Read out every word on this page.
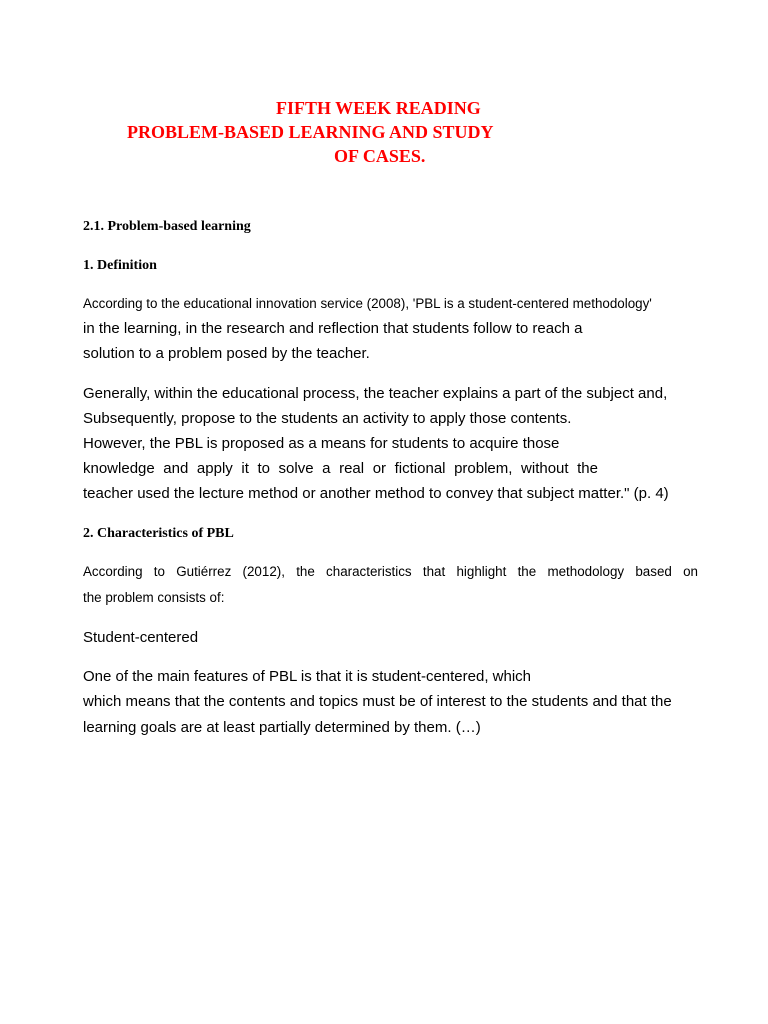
FIFTH WEEK READING
PROBLEM-BASED LEARNING AND STUDY
OF CASES.
2.1. Problem-based learning
1. Definition
According to the educational innovation service (2008), 'PBL is a student-centered methodology'
in the learning, in the research and reflection that students follow to reach a
solution to a problem posed by the teacher.
Generally, within the educational process, the teacher explains a part of the subject and,
Subsequently, propose to the students an activity to apply those contents.
However, the PBL is proposed as a means for students to acquire those
knowledge and apply it to solve a real or fictional problem, without the
teacher used the lecture method or another method to convey that subject matter." (p. 4)
2. Characteristics of PBL
According to Gutiérrez (2012), the characteristics that highlight the methodology based on
the problem consists of:
Student-centered
One of the main features of PBL is that it is student-centered, which
which means that the contents and topics must be of interest to the students and that the
learning goals are at least partially determined by them. (…)
